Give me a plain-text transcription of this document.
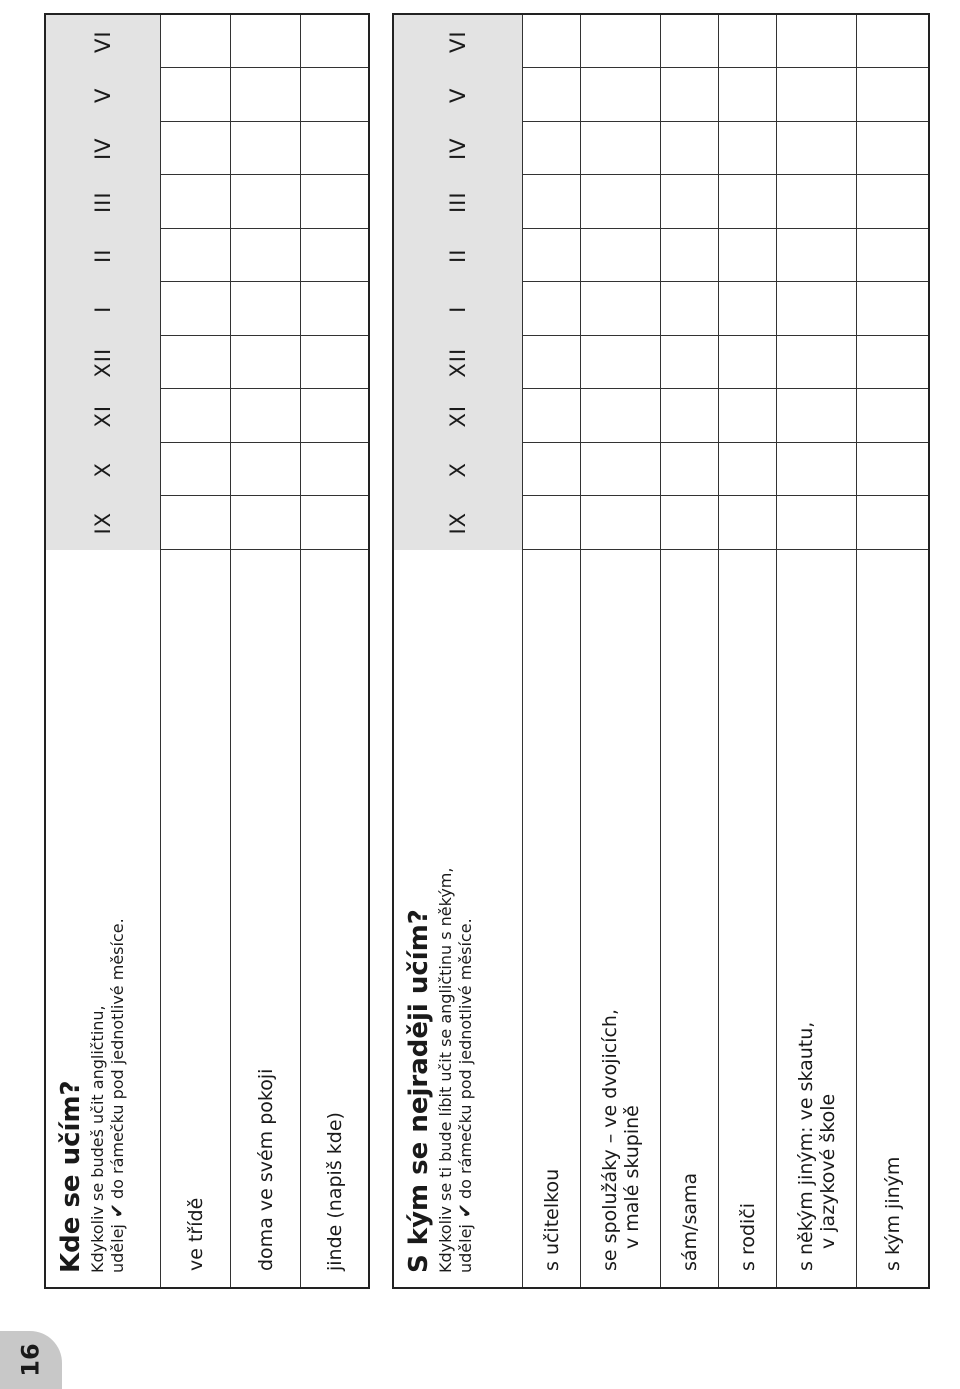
Kde se učím? Kdykoliv se budeš učit angličtinu, udělej✔do rámečku pod jednotlivé měsíce.
IX
X
XI
XII
I
II
III
IV
V
VI
ve třídě	doma ve svém pokoji jinde (napiš kde) S kým se nejraději učím? Kdykoliv se ti bude líbit učit se angličtinu s někým, udělej✔do rámečku pod jednotlivé měsíce.
IX
X
XI
XII
I
II
III
IV
V
VI
s učitelkou se spolužáky – ve dvojicích, v malé skupině sám/sama s rodiči s někým jiným: ve skautu, v jazykové škole s kým jiným
16
